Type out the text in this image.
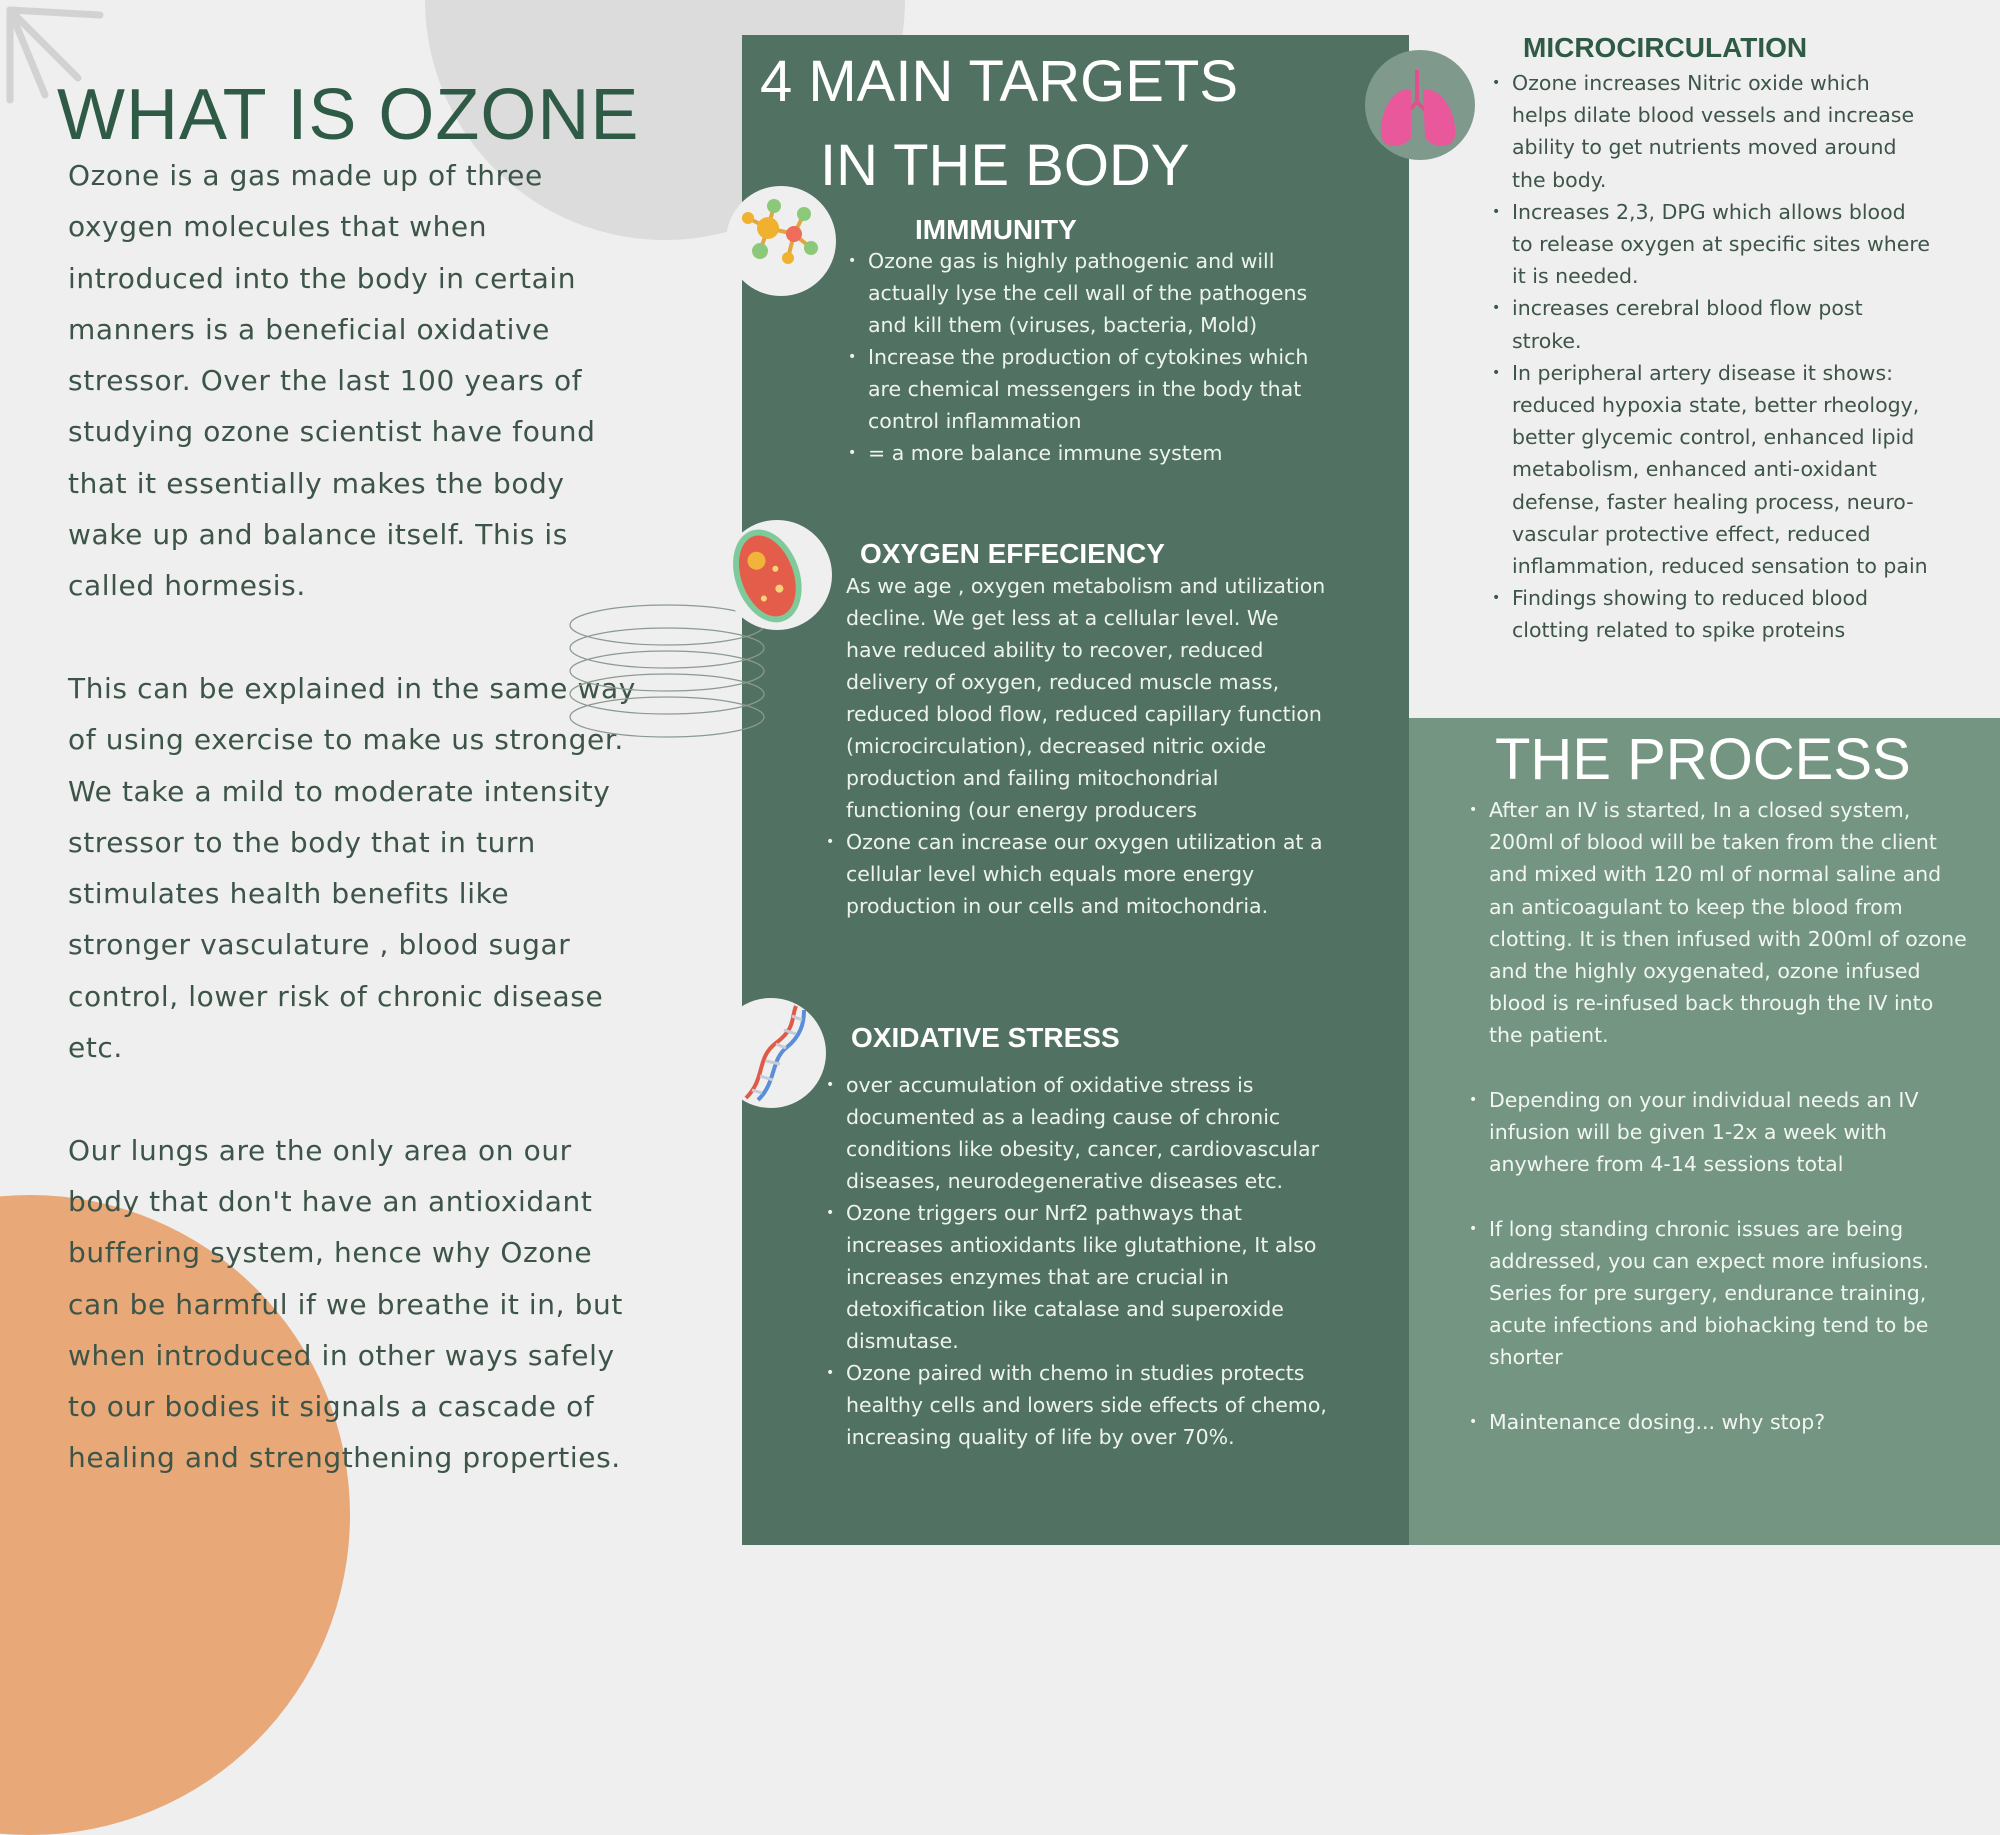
WHAT IS OZONE

Ozone is a gas made up of three oxygen molecules that when introduced into the body in certain manners is a beneficial oxidative stressor. Over the last 100 years of studying ozone scientist have found that it essentially makes the body wake up and balance itself. This is called hormesis.

This can be explained in the same way of using exercise to make us stronger. We take a mild to moderate intensity stressor to the body that in turn stimulates health benefits like stronger vasculature , blood sugar control, lower risk of chronic disease etc.

Our lungs are the only area on our body that don't have an antioxidant buffering system, hence why Ozone can be harmful if we breathe it in, but when introduced in other ways safely to our bodies it signals a cascade of healing and strengthening properties.

4 MAIN TARGETS
IN THE BODY
IMMMUNITY
• Ozone gas is highly pathogenic and will actually lyse the cell wall of the pathogens and kill them (viruses, bacteria, Mold)
• Increase the production of cytokines which are chemical messengers in the body that control inflammation
• = a more balance immune system
OXYGEN EFFECIENCY

As we age , oxygen metabolism and utilization decline. We get less at a cellular level. We have reduced ability to recover, reduced delivery of oxygen, reduced muscle mass, reduced blood flow, reduced capillary function (microcirculation), decreased nitric oxide production and failing mitochondrial functioning (our energy producers

• Ozone can increase our oxygen utilization at a cellular level which equals more energy production in our cells and mitochondria.
OXIDATIVE STRESS
• over accumulation of oxidative stress is documented as a leading cause of chronic conditions like obesity, cancer, cardiovascular diseases, neurodegenerative diseases etc.
• Ozone triggers our Nrf2 pathways that increases antioxidants like glutathione, It also increases enzymes that are crucial in detoxification like catalase and superoxide dismutase.
• Ozone paired with chemo in studies protects healthy cells and lowers side effects of chemo, increasing quality of life by over 70%.
MICROCIRCULATION
• Ozone increases Nitric oxide which helps dilate blood vessels and increase ability to get nutrients moved around the body.
• Increases 2,3, DPG which allows blood to release oxygen at specific sites where it is needed.
• increases cerebral blood flow post stroke.
• In peripheral artery disease it shows: reduced hypoxia state, better rheology, better glycemic control, enhanced lipid metabolism, enhanced anti-oxidant defense, faster healing process, neuro-vascular protective effect, reduced inflammation, reduced sensation to pain
• Findings showing to reduced blood clotting related to spike proteins
THE PROCESS
• After an IV is started, In a closed system, 200ml of blood will be taken from the client and mixed with 120 ml of normal saline and an anticoagulant to keep the blood from clotting. It is then infused with 200ml of ozone and the highly oxygenated, ozone infused blood is re-infused back through the IV into the patient.
• Depending on your individual needs an IV infusion will be given 1-2x a week with anywhere from 4-14 sessions total
• If long standing chronic issues are being addressed, you can expect more infusions. Series for pre surgery, endurance training, acute infections and biohacking tend to be shorter
• Maintenance dosing... why stop?
